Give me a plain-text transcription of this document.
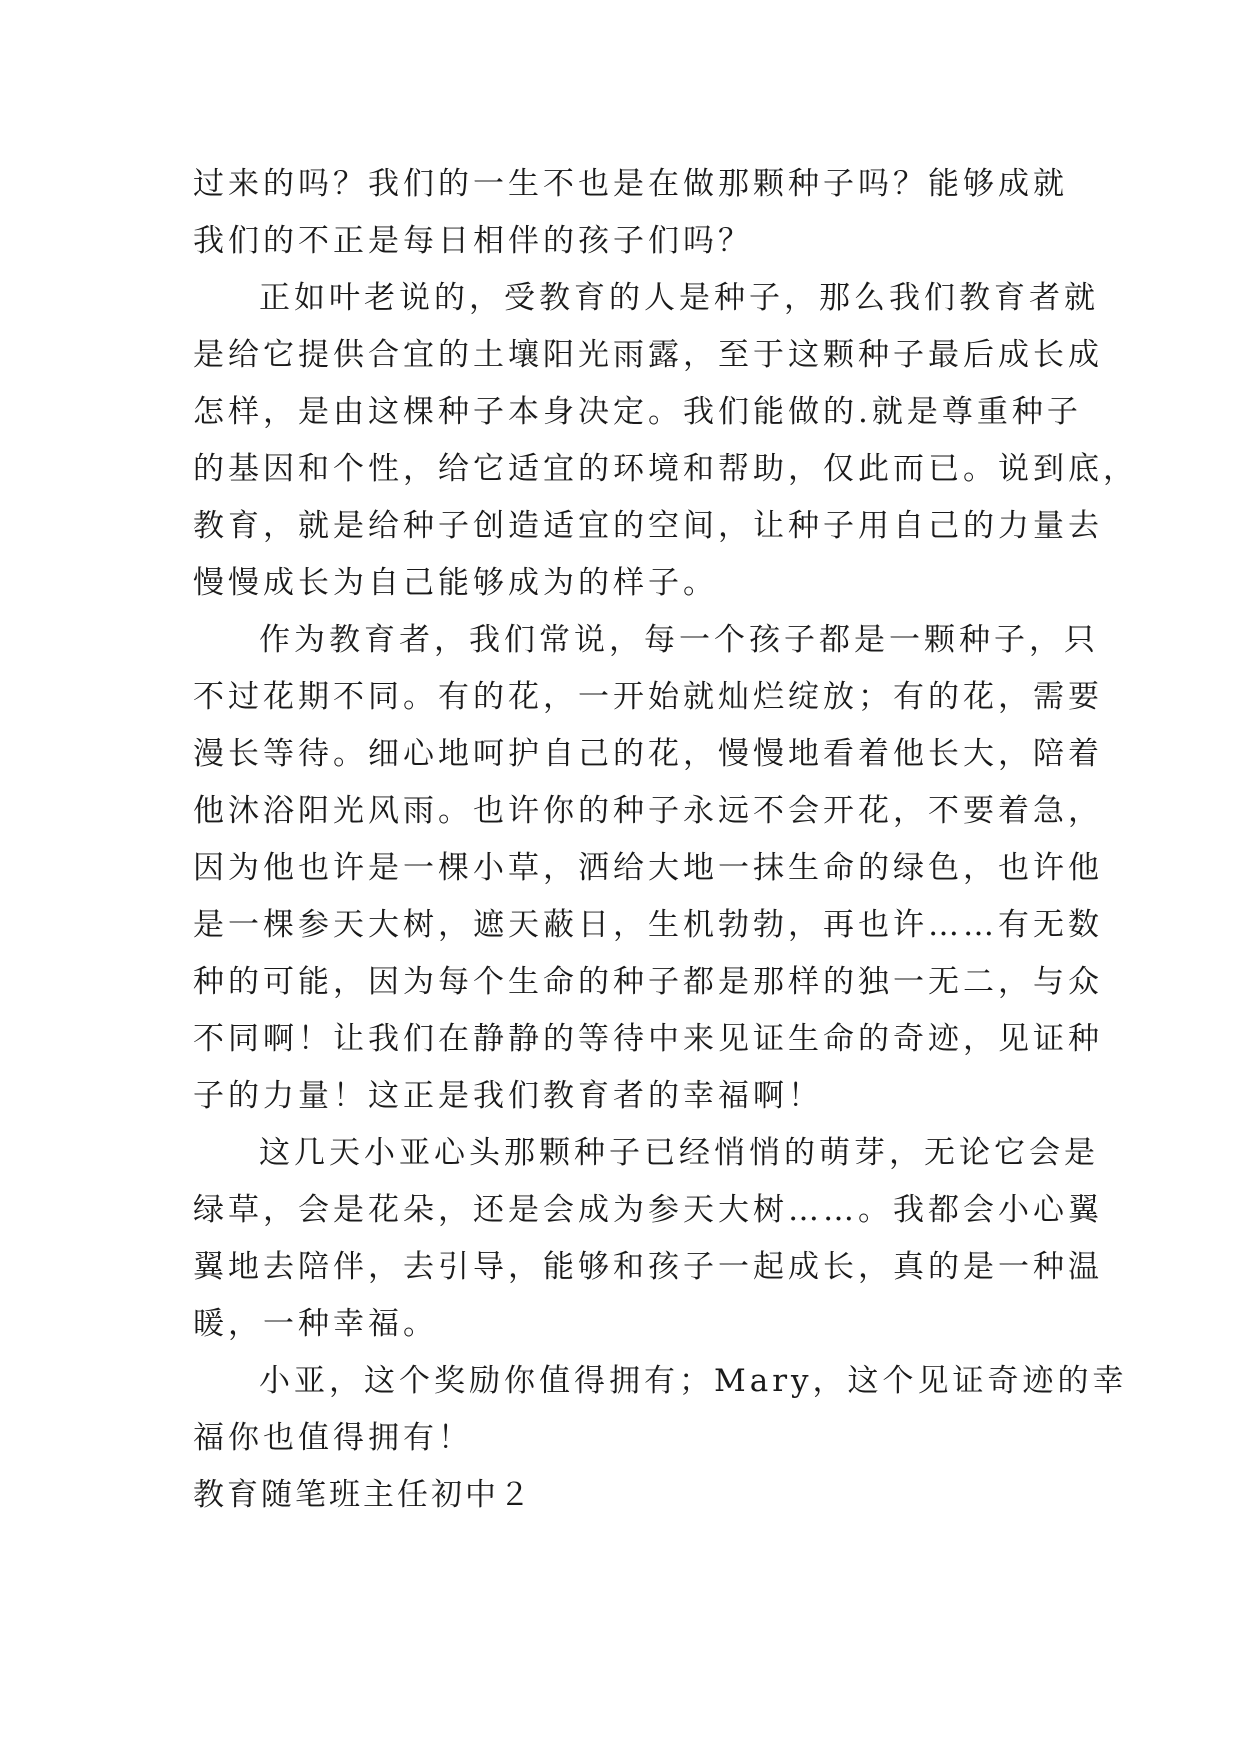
过来的吗？我们的一生不也是在做那颗种子吗？能够成就
我们的不正是每日相伴的孩子们吗？
正如叶老说的，受教育的人是种子，那么我们教育者就
是给它提供合宜的土壤阳光雨露，至于这颗种子最后成长成
怎样，是由这棵种子本身决定。我们能做的.就是尊重种子
的基因和个性，给它适宜的环境和帮助，仅此而已。说到底，
教育，就是给种子创造适宜的空间，让种子用自己的力量去
慢慢成长为自己能够成为的样子。
作为教育者，我们常说，每一个孩子都是一颗种子，只
不过花期不同。有的花，一开始就灿烂绽放；有的花，需要
漫长等待。细心地呵护自己的花，慢慢地看着他长大，陪着
他沐浴阳光风雨。也许你的种子永远不会开花，不要着急，
因为他也许是一棵小草，洒给大地一抹生命的绿色，也许他
是一棵参天大树，遮天蔽日，生机勃勃，再也许……有无数
种的可能，因为每个生命的种子都是那样的独一无二，与众
不同啊！让我们在静静的等待中来见证生命的奇迹，见证种
子的力量！这正是我们教育者的幸福啊！
这几天小亚心头那颗种子已经悄悄的萌芽，无论它会是
绿草，会是花朵，还是会成为参天大树……。我都会小心翼
翼地去陪伴，去引导，能够和孩子一起成长，真的是一种温
暖，一种幸福。
小亚，这个奖励你值得拥有；Mary，这个见证奇迹的幸
福你也值得拥有！
教育随笔班主任初中２
